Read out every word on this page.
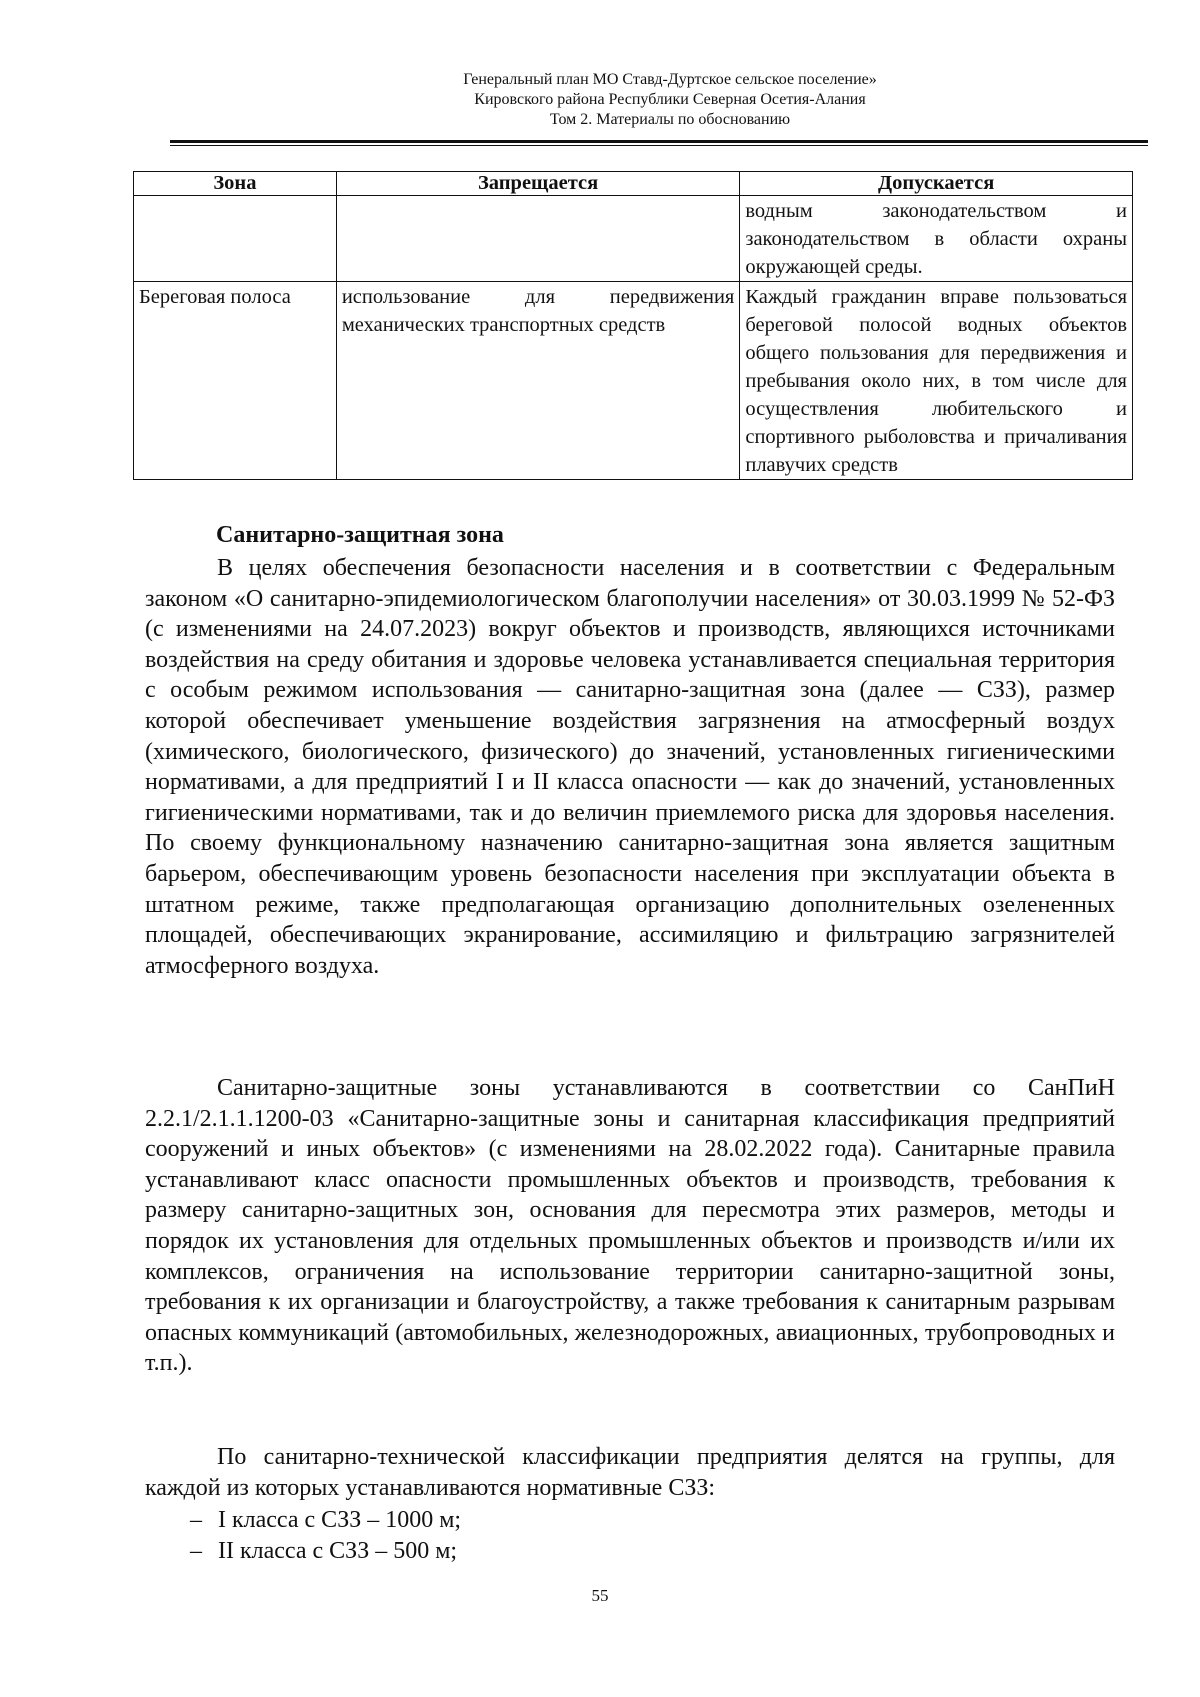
Генеральный план МО Ставд-Дуртское сельское поселение»
Кировского района Республики Северная Осетия-Алания
Том 2. Материалы по обоснованию
Зона	Запрещается	Допускается
		водным законодательством и законодательством в области охраны окружающей среды.
Береговая полоса	использование для передвижения механических транспортных средств	Каждый гражданин вправе пользоваться береговой полосой водных объектов общего пользования для передвижения и пребывания около них, в том числе для осуществления любительского и спортивного рыболовства и причаливания плавучих средств
Санитарно-защитная зона

В целях обеспечения безопасности населения и в соответствии с Федеральным законом «О санитарно-эпидемиологическом благополучии населения» от 30.03.1999 № 52-ФЗ (с изменениями на 24.07.2023) вокруг объектов и производств, являющихся источниками воздействия на среду обитания и здоровье человека устанавливается специальная территория с особым режимом использования — санитарно-защитная зона (далее — СЗЗ), размер которой обеспечивает уменьшение воздействия загрязнения на атмосферный воздух (химического, биологического, физического) до значений, установленных гигиеническими нормативами, а для предприятий I и II класса опасности — как до значений, установленных гигиеническими нормативами, так и до величин приемлемого риска для здоровья населения. По своему функциональному назначению санитарно-защитная зона является защитным барьером, обеспечивающим уровень безопасности населения при эксплуатации объекта в штатном режиме, также предполагающая организацию дополнительных озелененных площадей, обеспечивающих экранирование, ассимиляцию и фильтрацию загрязнителей атмосферного воздуха.

Санитарно-защитные зоны устанавливаются в соответствии со СанПиН 2.2.1/2.1.1.1200-03 «Санитарно-защитные зоны и санитарная классификация предприятий сооружений и иных объектов» (с изменениями на 28.02.2022 года). Санитарные правила устанавливают класс опасности промышленных объектов и производств, требования к размеру санитарно-защитных зон, основания для пересмотра этих размеров, методы и порядок их установления для отдельных промышленных объектов и производств и/или их комплексов, ограничения на использование территории санитарно-защитной зоны, требования к их организации и благоустройству, а также требования к санитарным разрывам опасных коммуникаций (автомобильных, железнодорожных, авиационных, трубопроводных и т.п.).

По санитарно-технической классификации предприятия делятся на группы, для каждой из которых устанавливаются нормативные СЗЗ:

– I класса с СЗЗ – 1000 м;
– II класса с СЗЗ – 500 м;
55
